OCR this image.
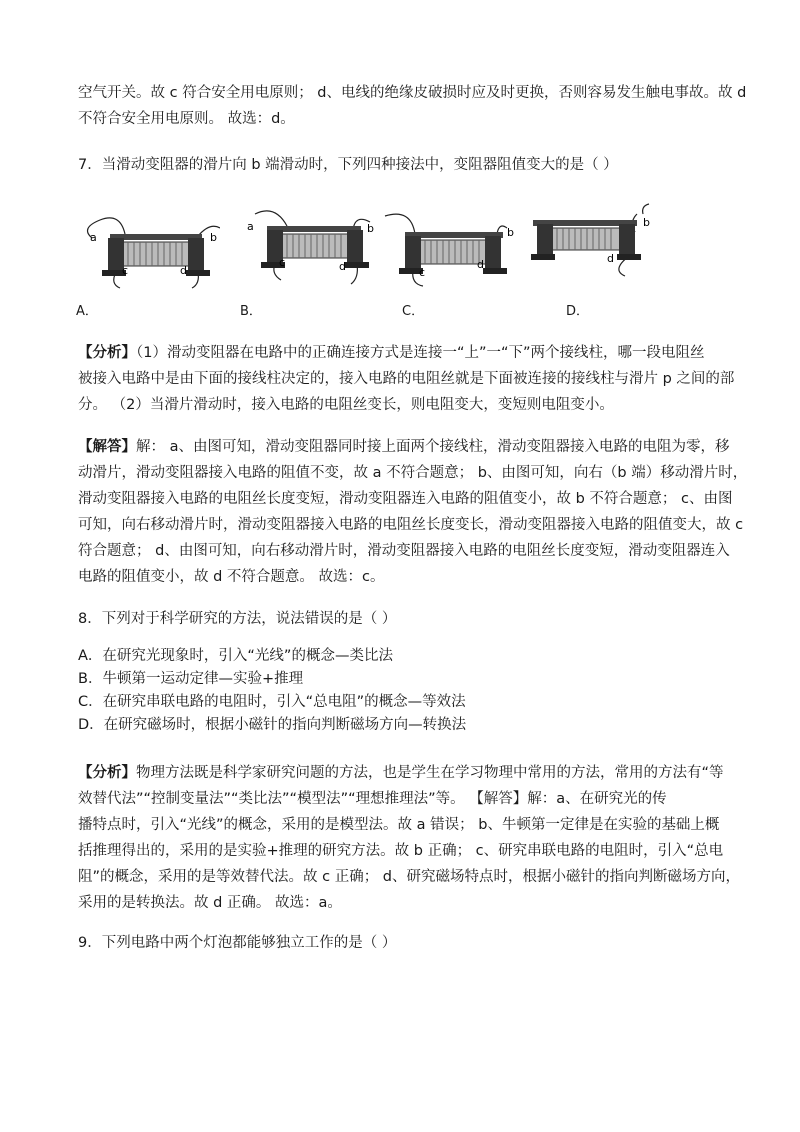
空气开关。故 c 符合安全用电原则； d、电线的绝缘皮破损时应及时更换，否则容易发生触电事故。故 d
不符合安全用电原则。 故选：d。
7．当滑动变阻器的滑片向 b 端滑动时，下列四种接法中，变阻器阻值变大的是（ ）
a	b
c	d
a	b
c	d
b
c
d
b
d
A．	B．	C．	D．
【分析】（1）滑动变阻器在电路中的正确连接方式是连接一“上”一“下”两个接线柱，哪一段电阻丝
被接入电路中是由下面的接线柱决定的，接入电路的电阻丝就是下面被连接的接线柱与滑片 p 之间的部
分。 （2）当滑片滑动时，接入电路的电阻丝变长，则电阻变大，变短则电阻变小。
【解答】解： a、由图可知，滑动变阻器同时接上面两个接线柱，滑动变阻器接入电路的电阻为零，移
动滑片，滑动变阻器接入电路的阻值不变，故 a 不符合题意； b、由图可知，向右（b 端）移动滑片时，
滑动变阻器接入电路的电阻丝长度变短，滑动变阻器连入电路的阻值变小，故 b 不符合题意； c、由图
可知，向右移动滑片时，滑动变阻器接入电路的电阻丝长度变长，滑动变阻器接入电路的阻值变大，故 c
符合题意； d、由图可知，向右移动滑片时，滑动变阻器接入电路的电阻丝长度变短，滑动变阻器连入
电路的阻值变小，故 d 不符合题意。 故选：c。
8．下列对于科学研究的方法，说法错误的是（ ）
A．在研究光现象时，引入“光线”的概念—类比法
B．牛顿第一运动定律—实验+推理
C．在研究串联电路的电阻时，引入“总电阻”的概念—等效法
D．在研究磁场时，根据小磁针的指向判断磁场方向—转换法
【分析】物理方法既是科学家研究问题的方法，也是学生在学习物理中常用的方法，常用的方法有“等
效替代法”“控制变量法”“类比法”“模型法”“理想推理法”等。 【解答】解：a、在研究光的传
播特点时，引入“光线”的概念，采用的是模型法。故 a 错误； b、牛顿第一定律是在实验的基础上概
括推理得出的，采用的是实验+推理的研究方法。故 b 正确； c、研究串联电路的电阻时，引入“总电
阻”的概念，采用的是等效替代法。故 c 正确； d、研究磁场特点时，根据小磁针的指向判断磁场方向，
采用的是转换法。故 d 正确。 故选：a。
9．下列电路中两个灯泡都能够独立工作的是（ ）
